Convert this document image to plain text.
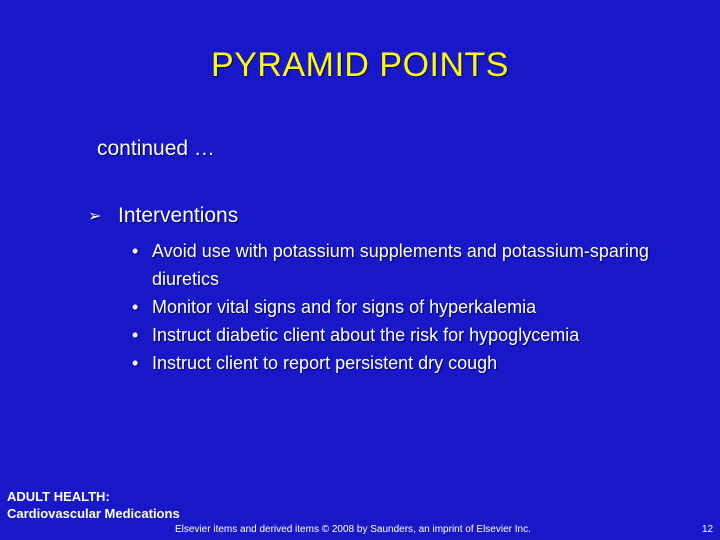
PYRAMID POINTS
continued …
➢ Interventions
• Avoid use with potassium supplements and potassium-sparing diuretics
• Monitor vital signs and for signs of hyperkalemia
• Instruct diabetic client about the risk for hypoglycemia
• Instruct client to report persistent dry cough
ADULT HEALTH:
Cardiovascular Medications
Elsevier items and derived items © 2008 by Saunders, an imprint of Elsevier Inc.	12
